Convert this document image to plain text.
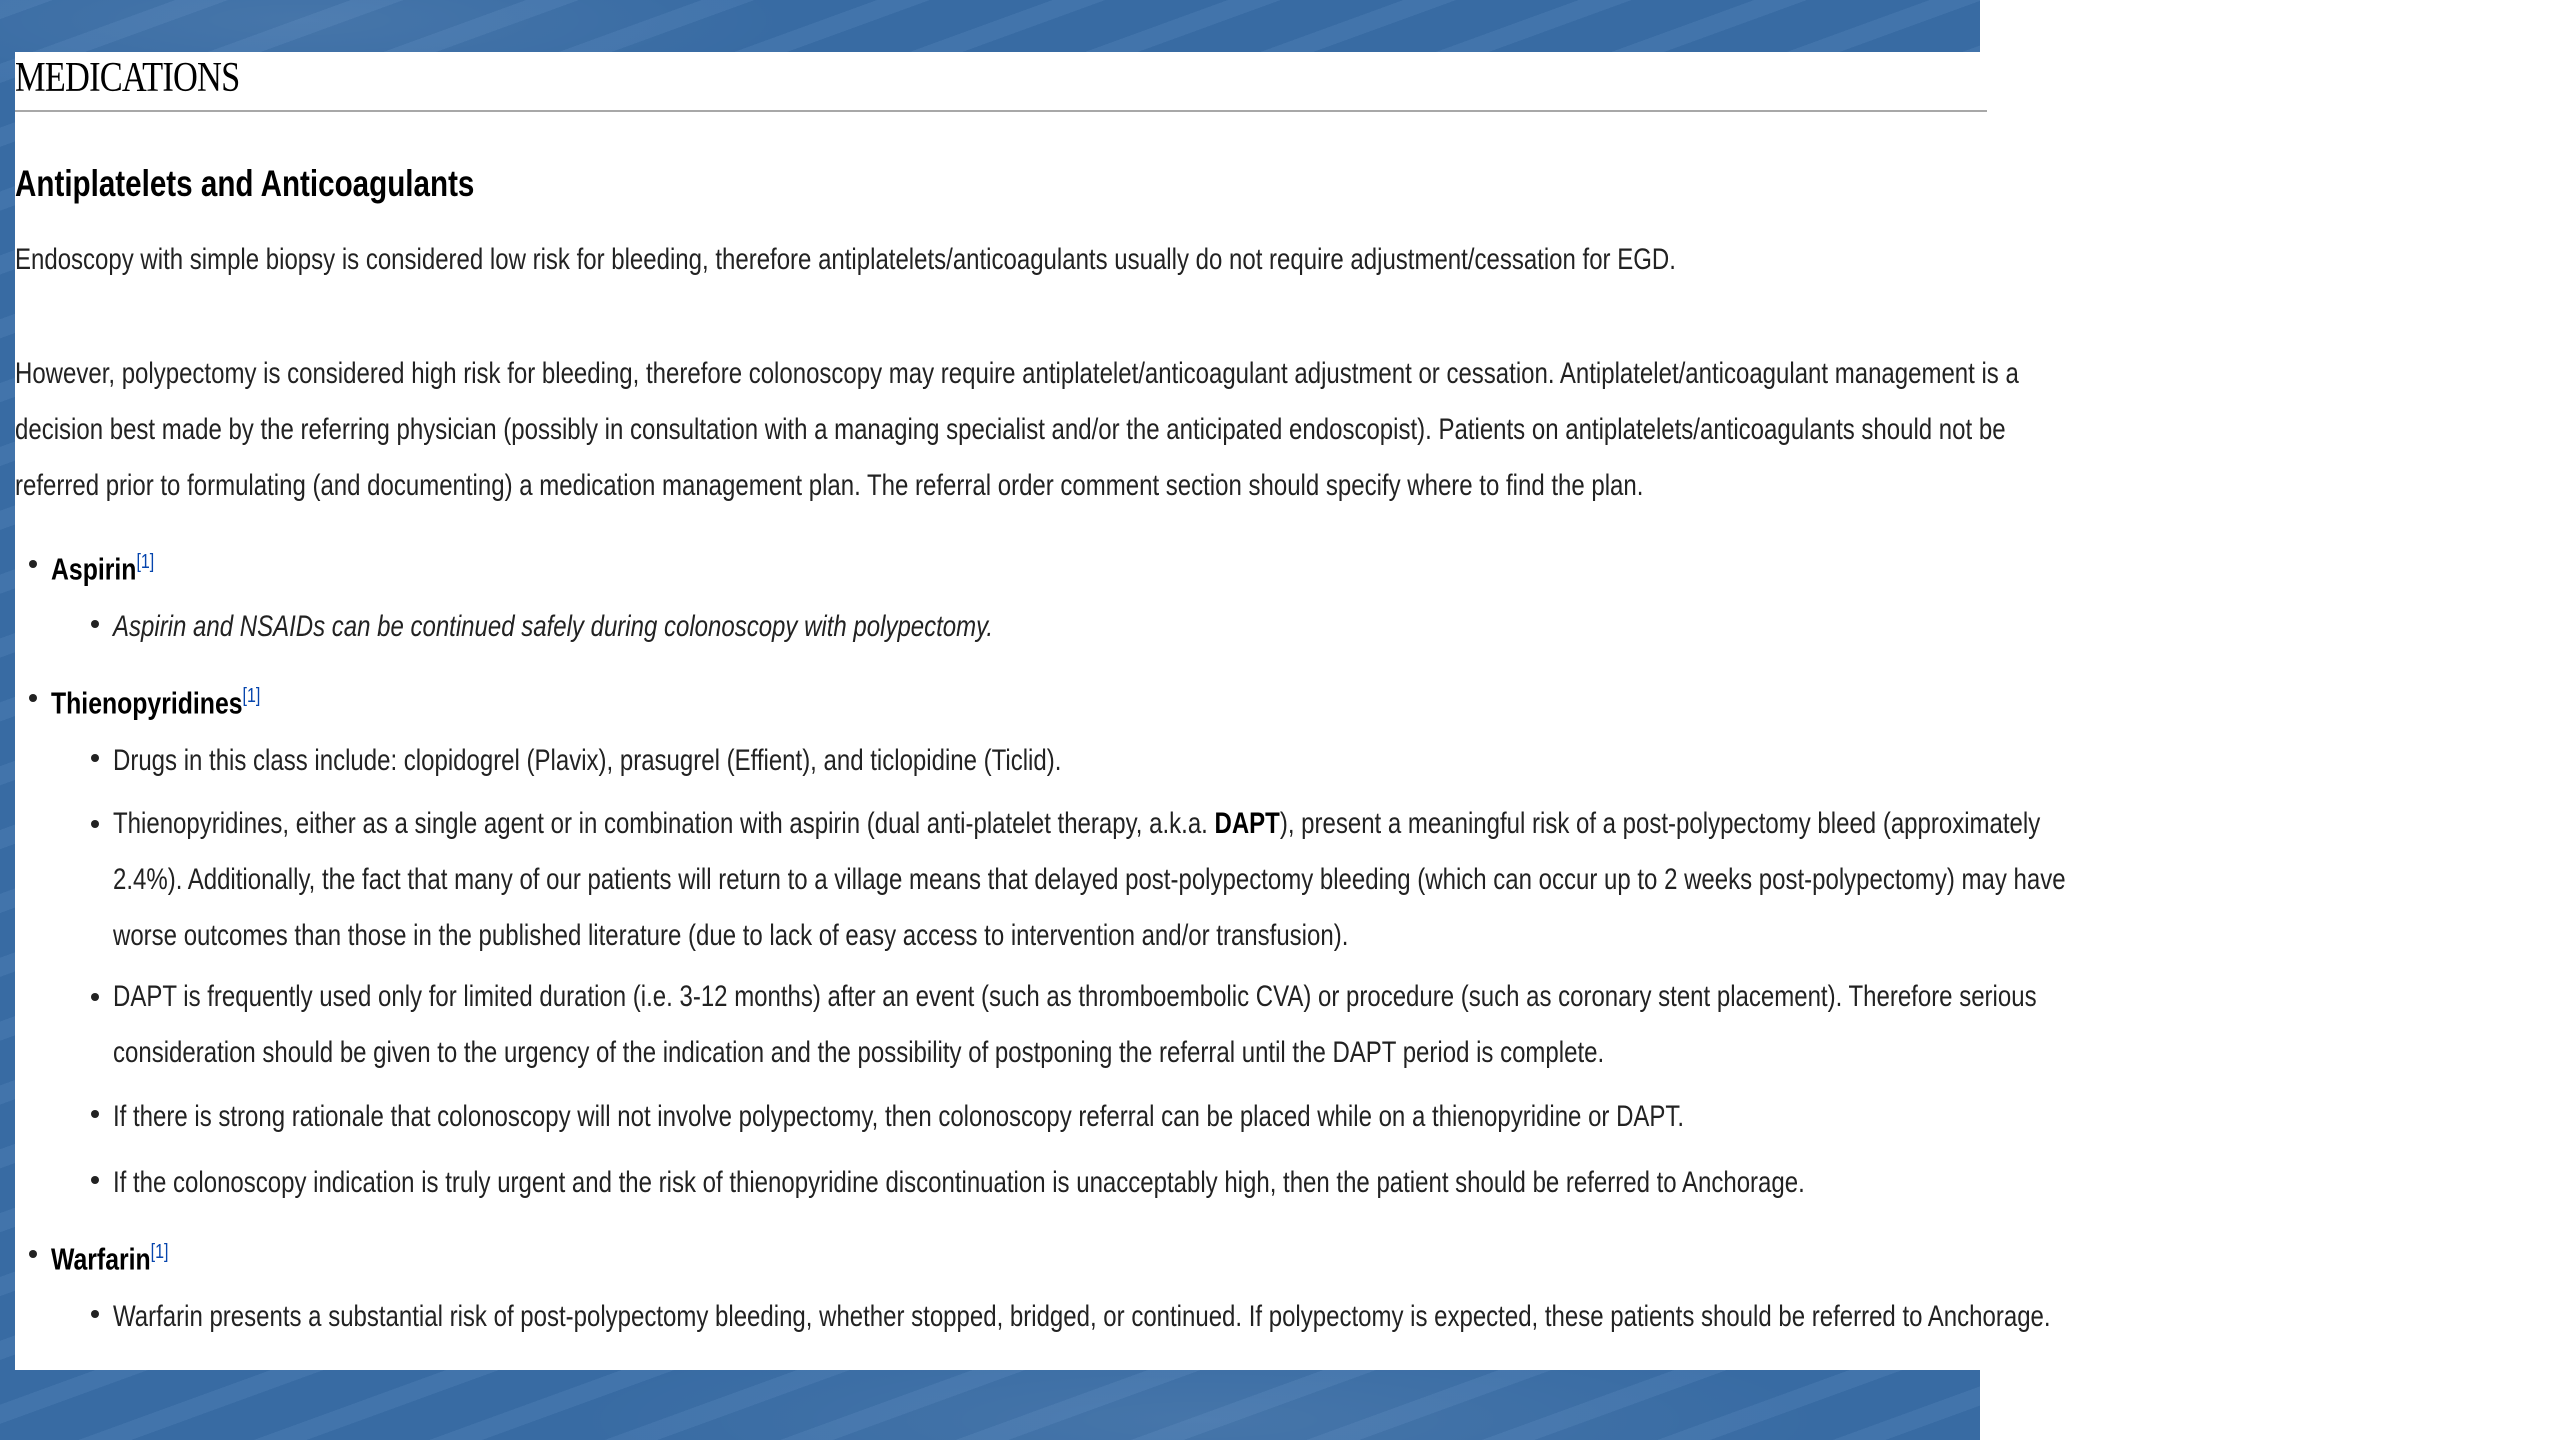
MEDICATIONS
Antiplatelets and Anticoagulants

Endoscopy with simple biopsy is considered low risk for bleeding, therefore antiplatelets/anticoagulants usually do not require adjustment/cessation for EGD.

However, polypectomy is considered high risk for bleeding, therefore colonoscopy may require antiplatelet/anticoagulant adjustment or cessation. Antiplatelet/anticoagulant management is a
decision best made by the referring physician (possibly in consultation with a managing specialist and/or the anticipated endoscopist). Patients on antiplatelets/anticoagulants should not be
referred prior to formulating (and documenting) a medication management plan. The referral order comment section should specify where to find the plan.

Aspirin[1]
Aspirin and NSAIDs can be continued safely during colonoscopy with polypectomy.
Thienopyridines[1]
Drugs in this class include: clopidogrel (Plavix), prasugrel (Effient), and ticlopidine (Ticlid).
Thienopyridines, either as a single agent or in combination with aspirin (dual anti-platelet therapy, a.k.a. DAPT), present a meaningful risk of a post-polypectomy bleed (approximately
2.4%). Additionally, the fact that many of our patients will return to a village means that delayed post-polypectomy bleeding (which can occur up to 2 weeks post-polypectomy) may have
worse outcomes than those in the published literature (due to lack of easy access to intervention and/or transfusion).
DAPT is frequently used only for limited duration (i.e. 3-12 months) after an event (such as thromboembolic CVA) or procedure (such as coronary stent placement). Therefore serious
consideration should be given to the urgency of the indication and the possibility of postponing the referral until the DAPT period is complete.
If there is strong rationale that colonoscopy will not involve polypectomy, then colonoscopy referral can be placed while on a thienopyridine or DAPT.
If the colonoscopy indication is truly urgent and the risk of thienopyridine discontinuation is unacceptably high, then the patient should be referred to Anchorage.
Warfarin[1]
Warfarin presents a substantial risk of post-polypectomy bleeding, whether stopped, bridged, or continued. If polypectomy is expected, these patients should be referred to Anchorage.
